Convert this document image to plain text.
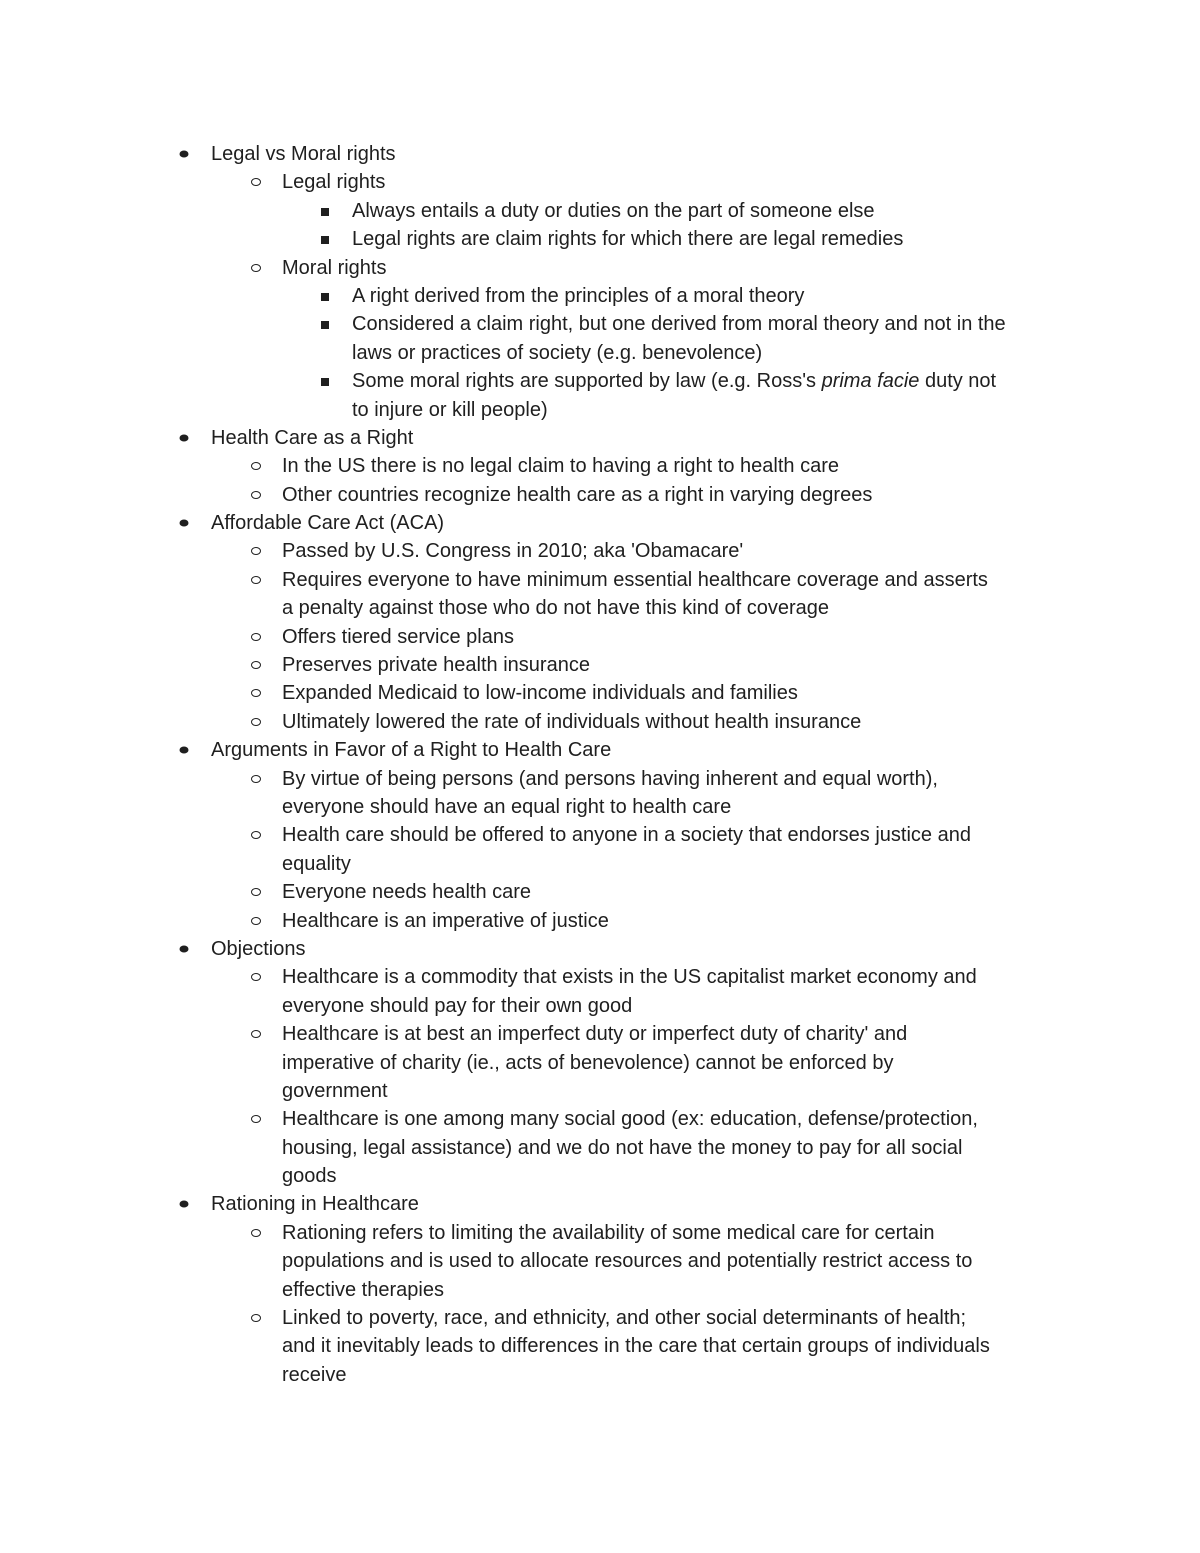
Legal vs Moral rights
Legal rights
Always entails a duty or duties on the part of someone else
Legal rights are claim rights for which there are legal remedies
Moral rights
A right derived from the principles of a moral theory
Considered a claim right, but one derived from moral theory and not in the
laws or practices of society (e.g. benevolence)
Some moral rights are supported by law (e.g. Ross's prima facie duty not
to injure or kill people)
Health Care as a Right
In the US there is no legal claim to having a right to health care
Other countries recognize health care as a right in varying degrees
Affordable Care Act (ACA)
Passed by U.S. Congress in 2010; aka 'Obamacare'
Requires everyone to have minimum essential healthcare coverage and asserts
a penalty against those who do not have this kind of coverage
Offers tiered service plans
Preserves private health insurance
Expanded Medicaid to low-income individuals and families
Ultimately lowered the rate of individuals without health insurance
Arguments in Favor of a Right to Health Care
By virtue of being persons (and persons having inherent and equal worth),
everyone should have an equal right to health care
Health care should be offered to anyone in a society that endorses justice and
equality
Everyone needs health care
Healthcare is an imperative of justice
Objections
Healthcare is a commodity that exists in the US capitalist market economy and
everyone should pay for their own good
Healthcare is at best an imperfect duty or imperfect duty of charity' and
imperative of charity (ie., acts of benevolence) cannot be enforced by
government
Healthcare is one among many social good (ex: education, defense/protection,
housing, legal assistance) and we do not have the money to pay for all social
goods
Rationing in Healthcare
Rationing refers to limiting the availability of some medical care for certain
populations and is used to allocate resources and potentially restrict access to
effective therapies
Linked to poverty, race, and ethnicity, and other social determinants of health;
and it inevitably leads to differences in the care that certain groups of individuals
receive
